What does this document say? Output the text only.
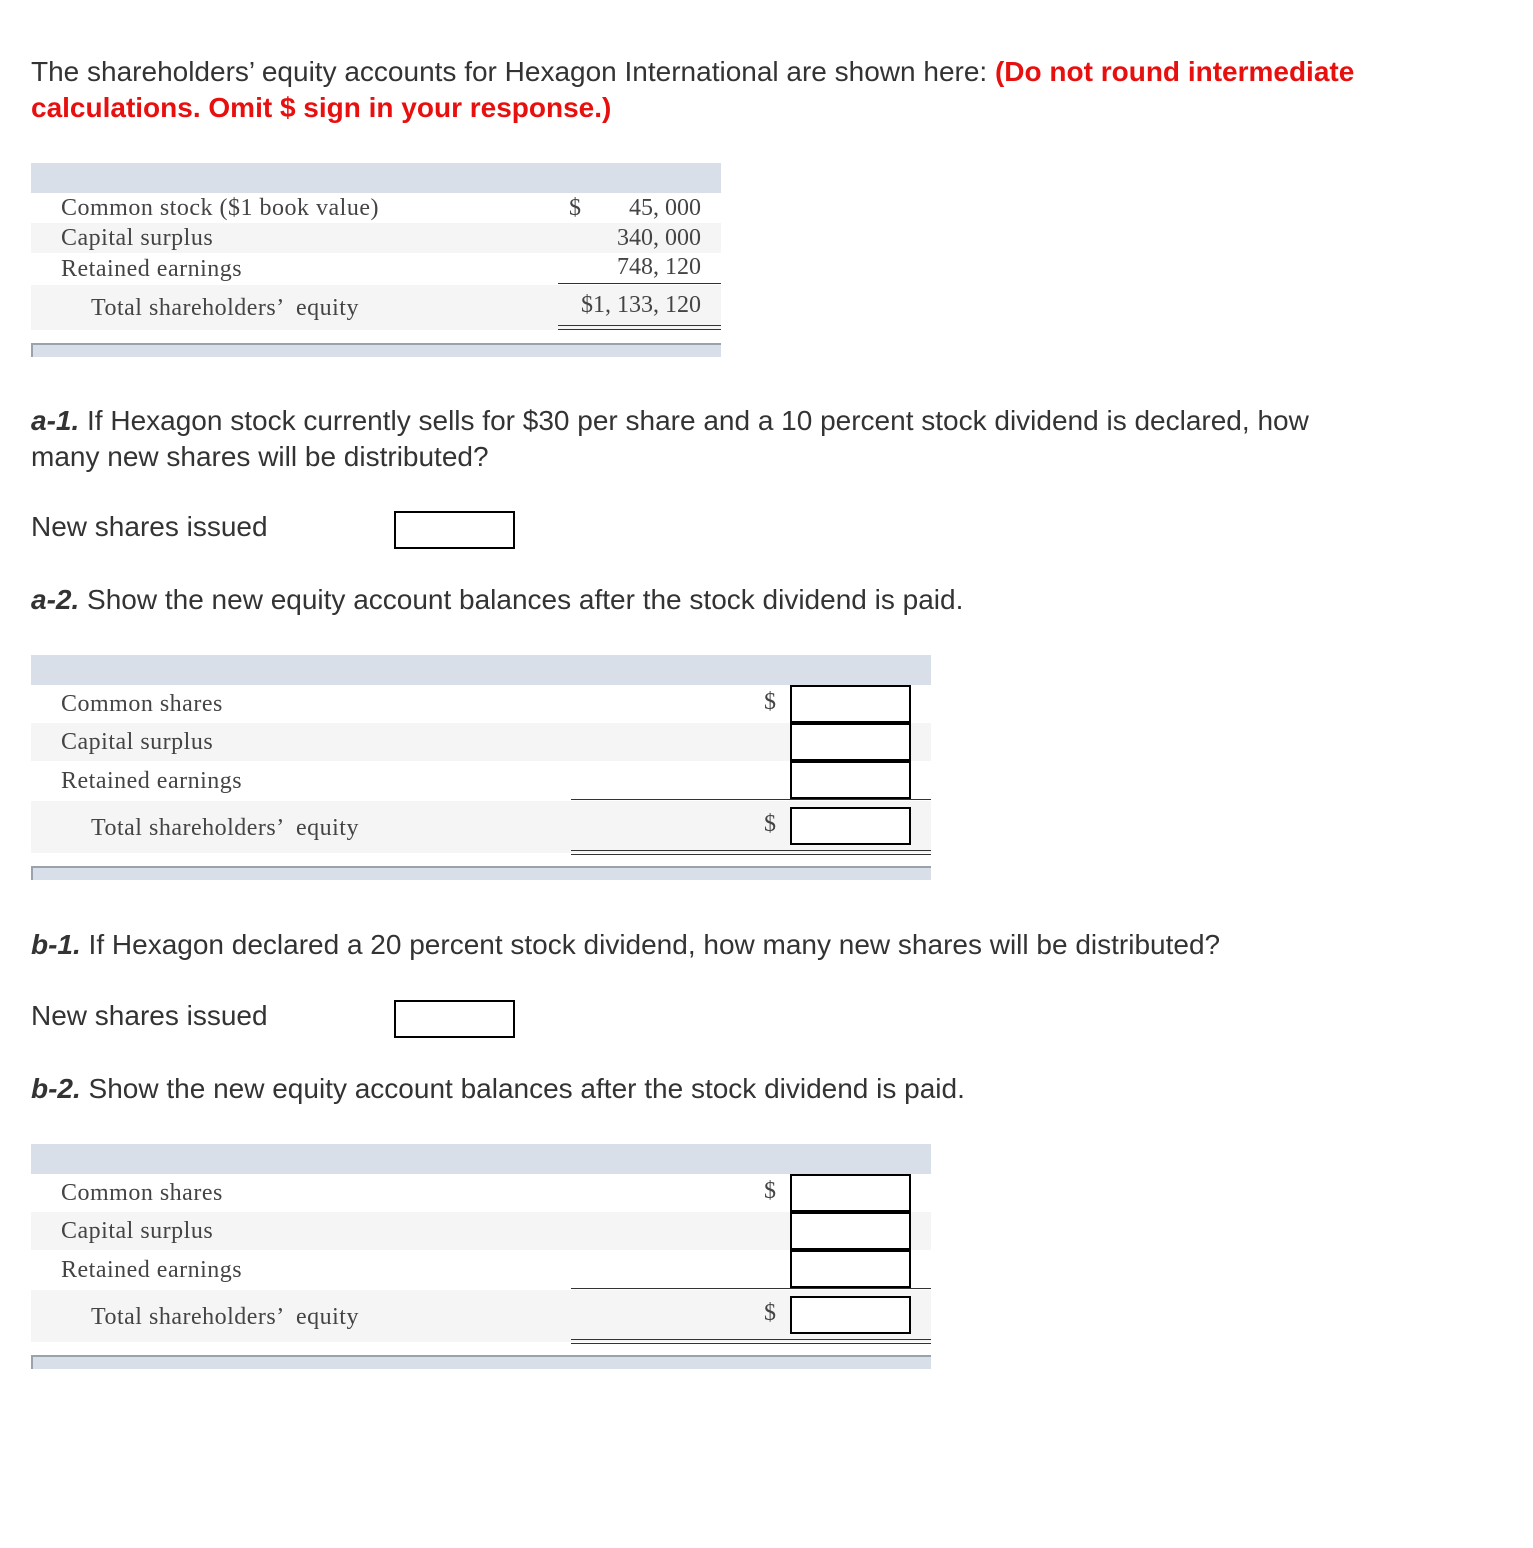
The shareholders’ equity accounts for Hexagon International are shown here: (Do not round intermediate
calculations. Omit $ sign in your response.)
Common stock ($1 book value)	$ 45, 000
Capital surplus	340, 000
Retained earnings	748, 120
Total shareholders’  equity	$1, 133, 120
a-1. If Hexagon stock currently sells for $30 per share and a 10 percent stock dividend is declared, how
many new shares will be distributed?
New shares issued
a-2. Show the new equity account balances after the stock dividend is paid.
Common shares	$
Capital surplus
Retained earnings
Total shareholders’  equity	$
b-1. If Hexagon declared a 20 percent stock dividend, how many new shares will be distributed?
New shares issued
b-2. Show the new equity account balances after the stock dividend is paid.
Common shares	$
Capital surplus
Retained earnings
Total shareholders’  equity	$
